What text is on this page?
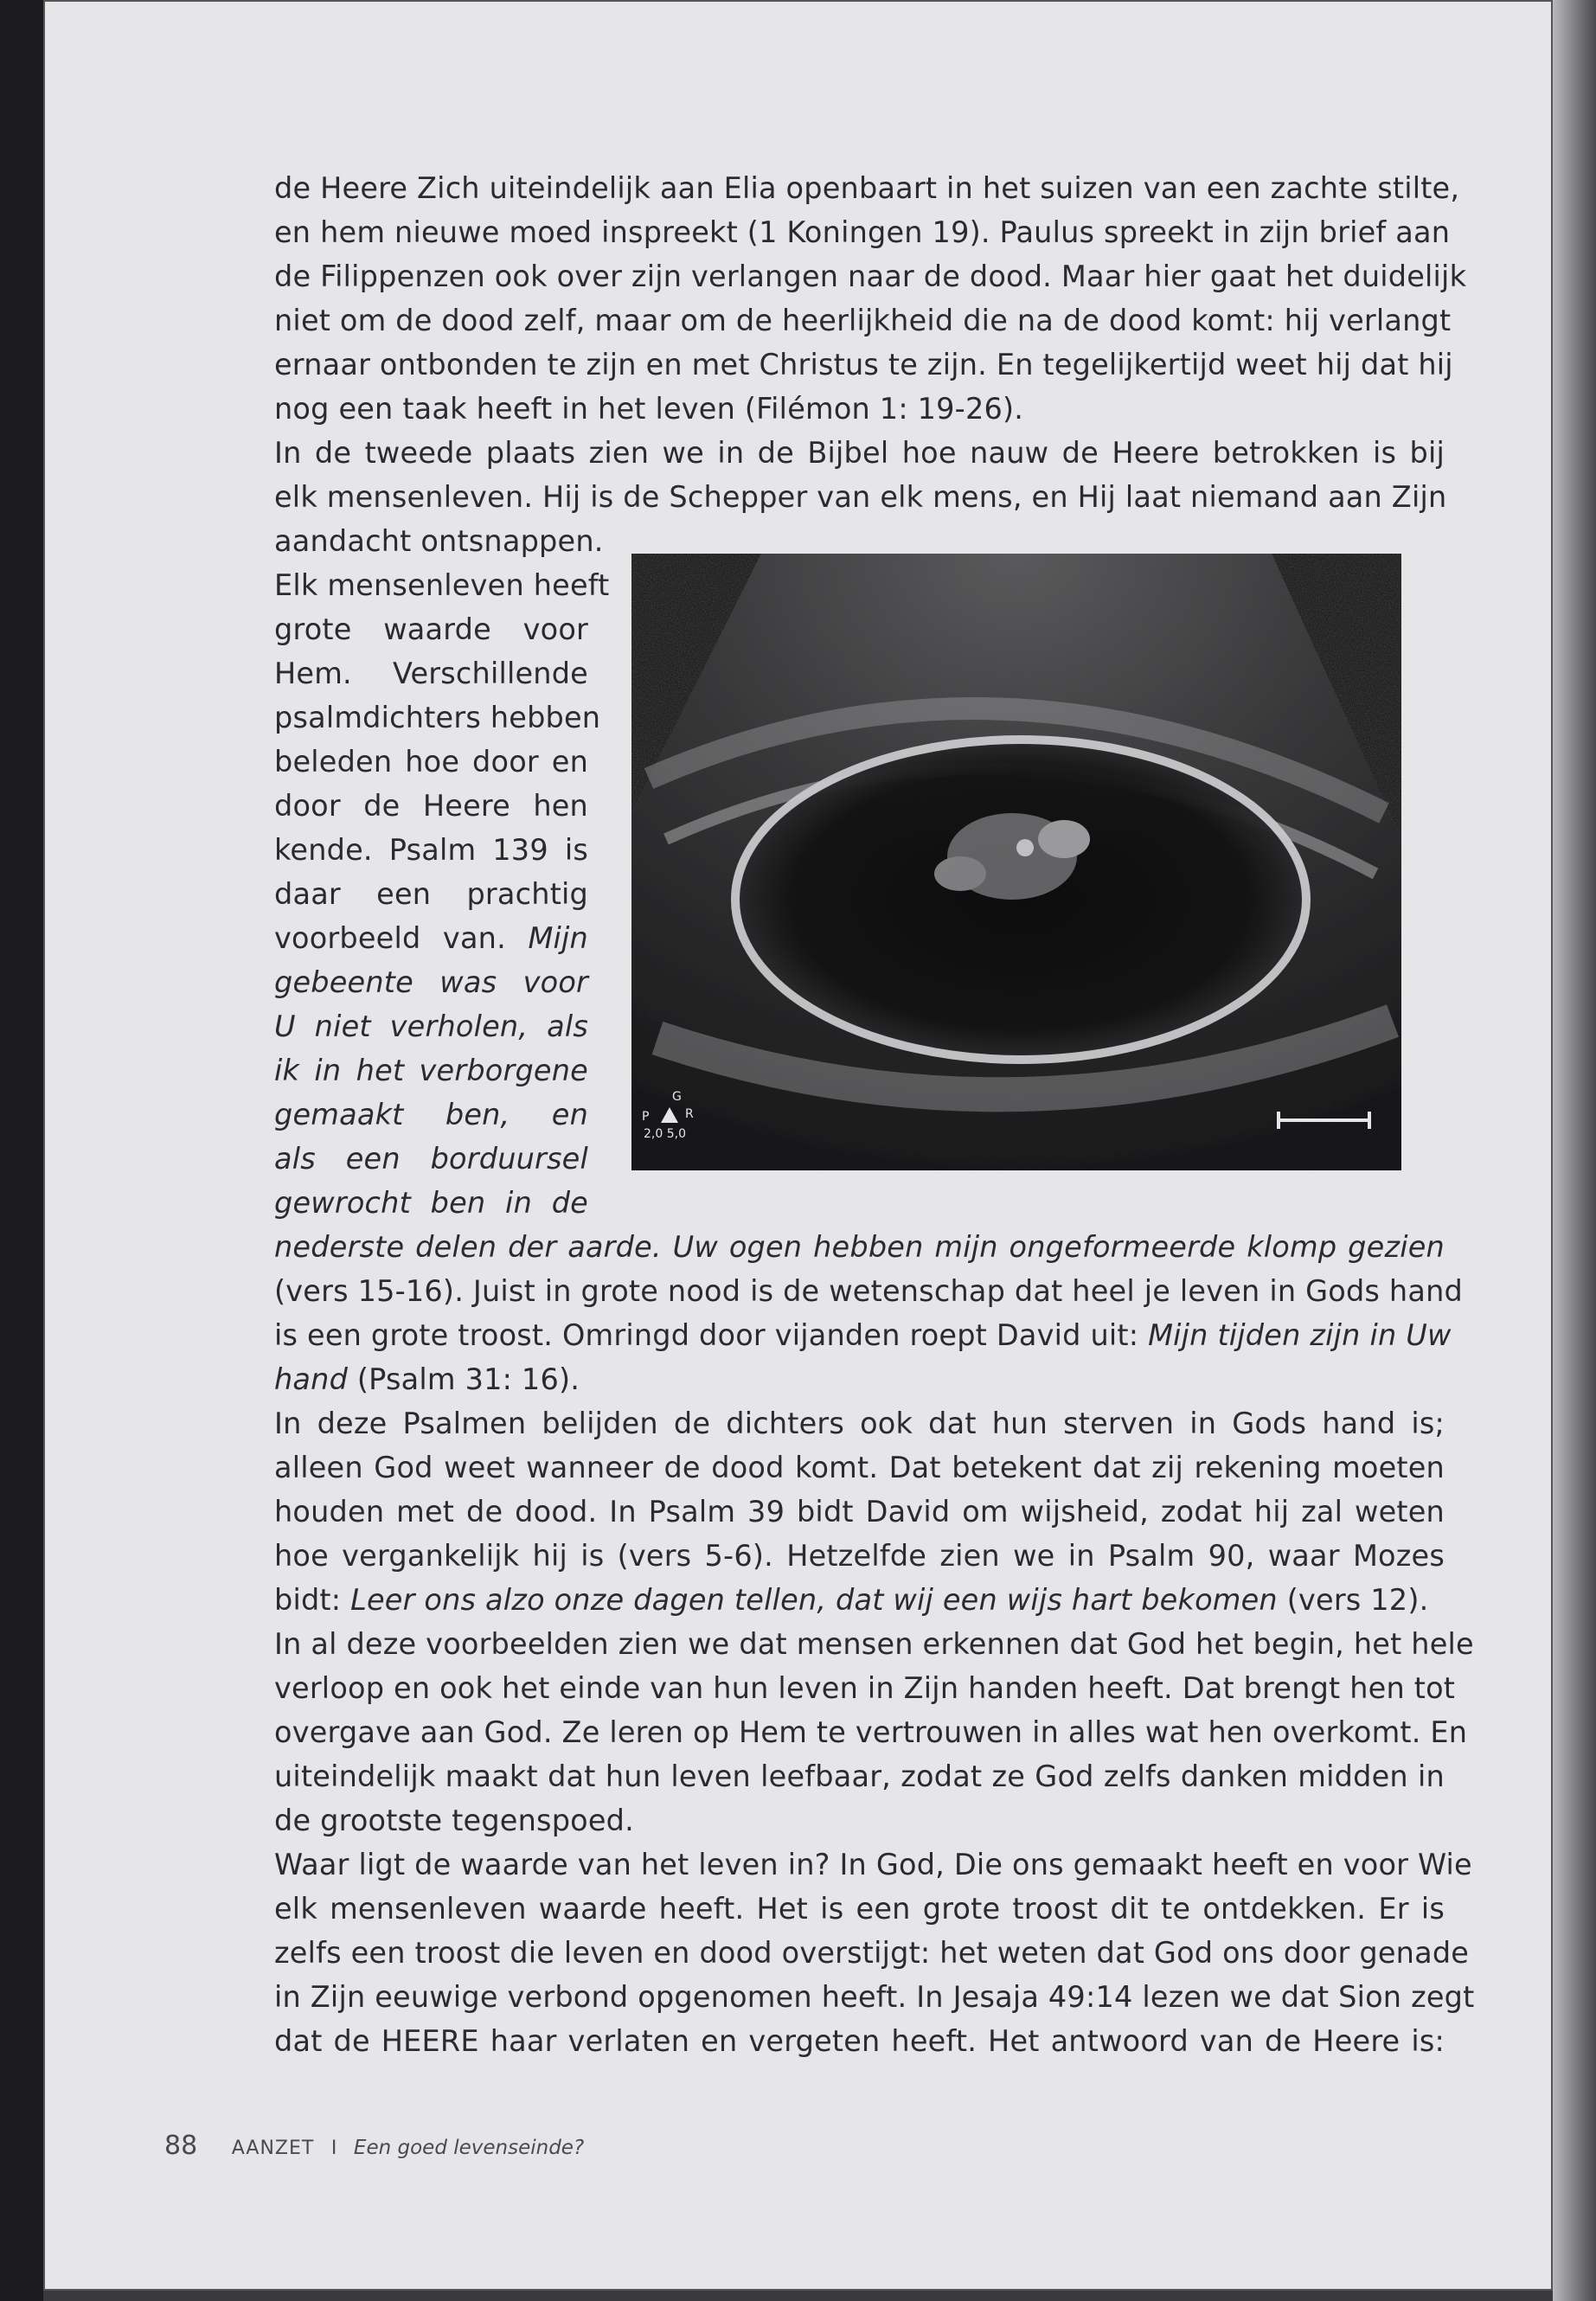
de Heere Zich uiteindelijk aan Elia openbaart in het suizen van een zachte stilte,
en hem nieuwe moed inspreekt (1 Koningen 19). Paulus spreekt in zijn brief aan
de Filippenzen ook over zijn verlangen naar de dood. Maar hier gaat het duidelijk
niet om de dood zelf, maar om de heerlijkheid die na de dood komt: hij verlangt
ernaar ontbonden te zijn en met Christus te zijn. En tegelijkertijd weet hij dat hij
nog een taak heeft in het leven (Filémon 1: 19-26).
In de tweede plaats zien we in de Bijbel hoe nauw de Heere betrokken is bij
elk mensenleven. Hij is de Schepper van elk mens, en Hij laat niemand aan Zijn
aandacht ontsnappen.
Elk mensenleven heeft
grote waarde voor
Hem. Verschillende
psalmdichters hebben
beleden hoe door en
door de Heere hen
kende. Psalm 139 is
daar een prachtig
voorbeeld van. Mijn
gebeente was voor
U niet verholen, als
ik in het verborgene
gemaakt ben, en
als een borduursel
gewrocht ben in de
nederste delen der aarde. Uw ogen hebben mijn ongeformeerde klomp gezien
(vers 15-16). Juist in grote nood is de wetenschap dat heel je leven in Gods hand
is een grote troost. Omringd door vijanden roept David uit: Mijn tijden zijn in Uw
hand (Psalm 31: 16).
In deze Psalmen belijden de dichters ook dat hun sterven in Gods hand is;
alleen God weet wanneer de dood komt. Dat betekent dat zij rekening moeten
houden met de dood. In Psalm 39 bidt David om wijsheid, zodat hij zal weten
hoe vergankelijk hij is (vers 5-6). Hetzelfde zien we in Psalm 90, waar Mozes
bidt: Leer ons alzo onze dagen tellen, dat wij een wijs hart bekomen (vers 12).
In al deze voorbeelden zien we dat mensen erkennen dat God het begin, het hele
verloop en ook het einde van hun leven in Zijn handen heeft. Dat brengt hen tot
overgave aan God. Ze leren op Hem te vertrouwen in alles wat hen overkomt. En
uiteindelijk maakt dat hun leven leefbaar, zodat ze God zelfs danken midden in
de grootste tegenspoed.
Waar ligt de waarde van het leven in? In God, Die ons gemaakt heeft en voor Wie
elk mensenleven waarde heeft. Het is een grote troost dit te ontdekken. Er is
zelfs een troost die leven en dood overstijgt: het weten dat God ons door genade
in Zijn eeuwige verbond opgenomen heeft. In Jesaja 49:14 lezen we dat Sion zegt
dat de HEERE haar verlaten en vergeten heeft. Het antwoord van de Heere is:
G
P	R
2,0 5,0
88 AANZET I Een goed levenseinde?
